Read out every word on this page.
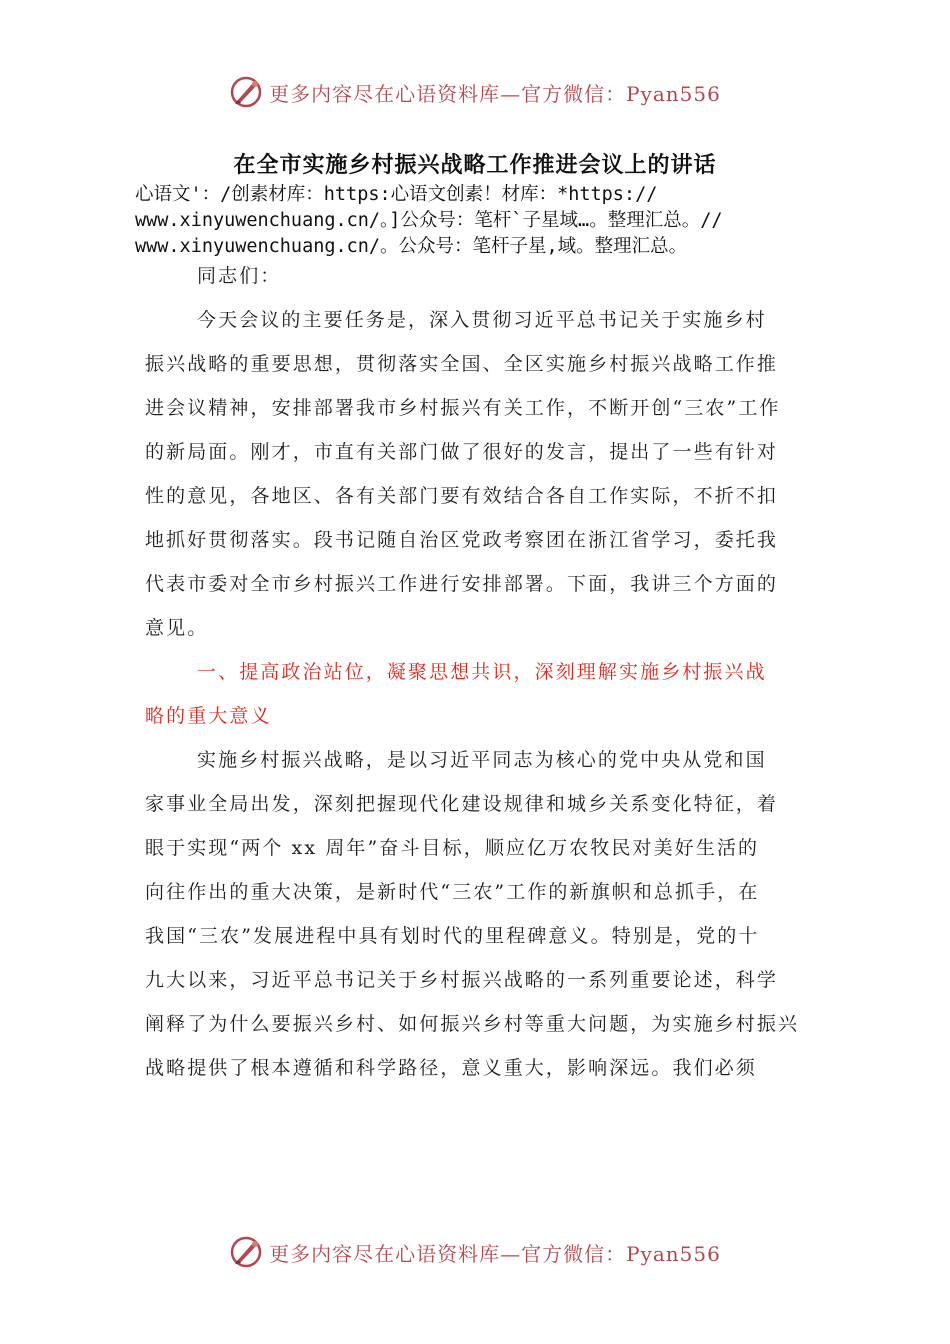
更多内容尽在心语资料库—官方微信：Pyan556
在全市实施乡村振兴战略工作推进会议上的讲话
心语文'：/创素材库：https:心语文创素！材库：*https://
www.xinyuwenchuang.cn/。]公众号：笔杆`子星域…。整理汇总。//
www.xinyuwenchuang.cn/。公众号：笔杆子星,域。整理汇总。
同志们：
今天会议的主要任务是，深入贯彻习近平总书记关于实施乡村
振兴战略的重要思想，贯彻落实全国、全区实施乡村振兴战略工作推
进会议精神，安排部署我市乡村振兴有关工作，不断开创“三农”工作
的新局面。刚才，市直有关部门做了很好的发言，提出了一些有针对
性的意见，各地区、各有关部门要有效结合各自工作实际，不折不扣
地抓好贯彻落实。段书记随自治区党政考察团在浙江省学习，委托我
代表市委对全市乡村振兴工作进行安排部署。下面，我讲三个方面的
意见。
一、提高政治站位，凝聚思想共识，深刻理解实施乡村振兴战
略的重大意义
实施乡村振兴战略，是以习近平同志为核心的党中央从党和国
家事业全局出发，深刻把握现代化建设规律和城乡关系变化特征，着
眼于实现“两个 xx 周年”奋斗目标，顺应亿万农牧民对美好生活的
向往作出的重大决策，是新时代“三农”工作的新旗帜和总抓手，在
我国“三农”发展进程中具有划时代的里程碑意义。特别是，党的十
九大以来，习近平总书记关于乡村振兴战略的一系列重要论述，科学
阐释了为什么要振兴乡村、如何振兴乡村等重大问题，为实施乡村振兴
战略提供了根本遵循和科学路径，意义重大，影响深远。我们必须
更多内容尽在心语资料库—官方微信：Pyan556
